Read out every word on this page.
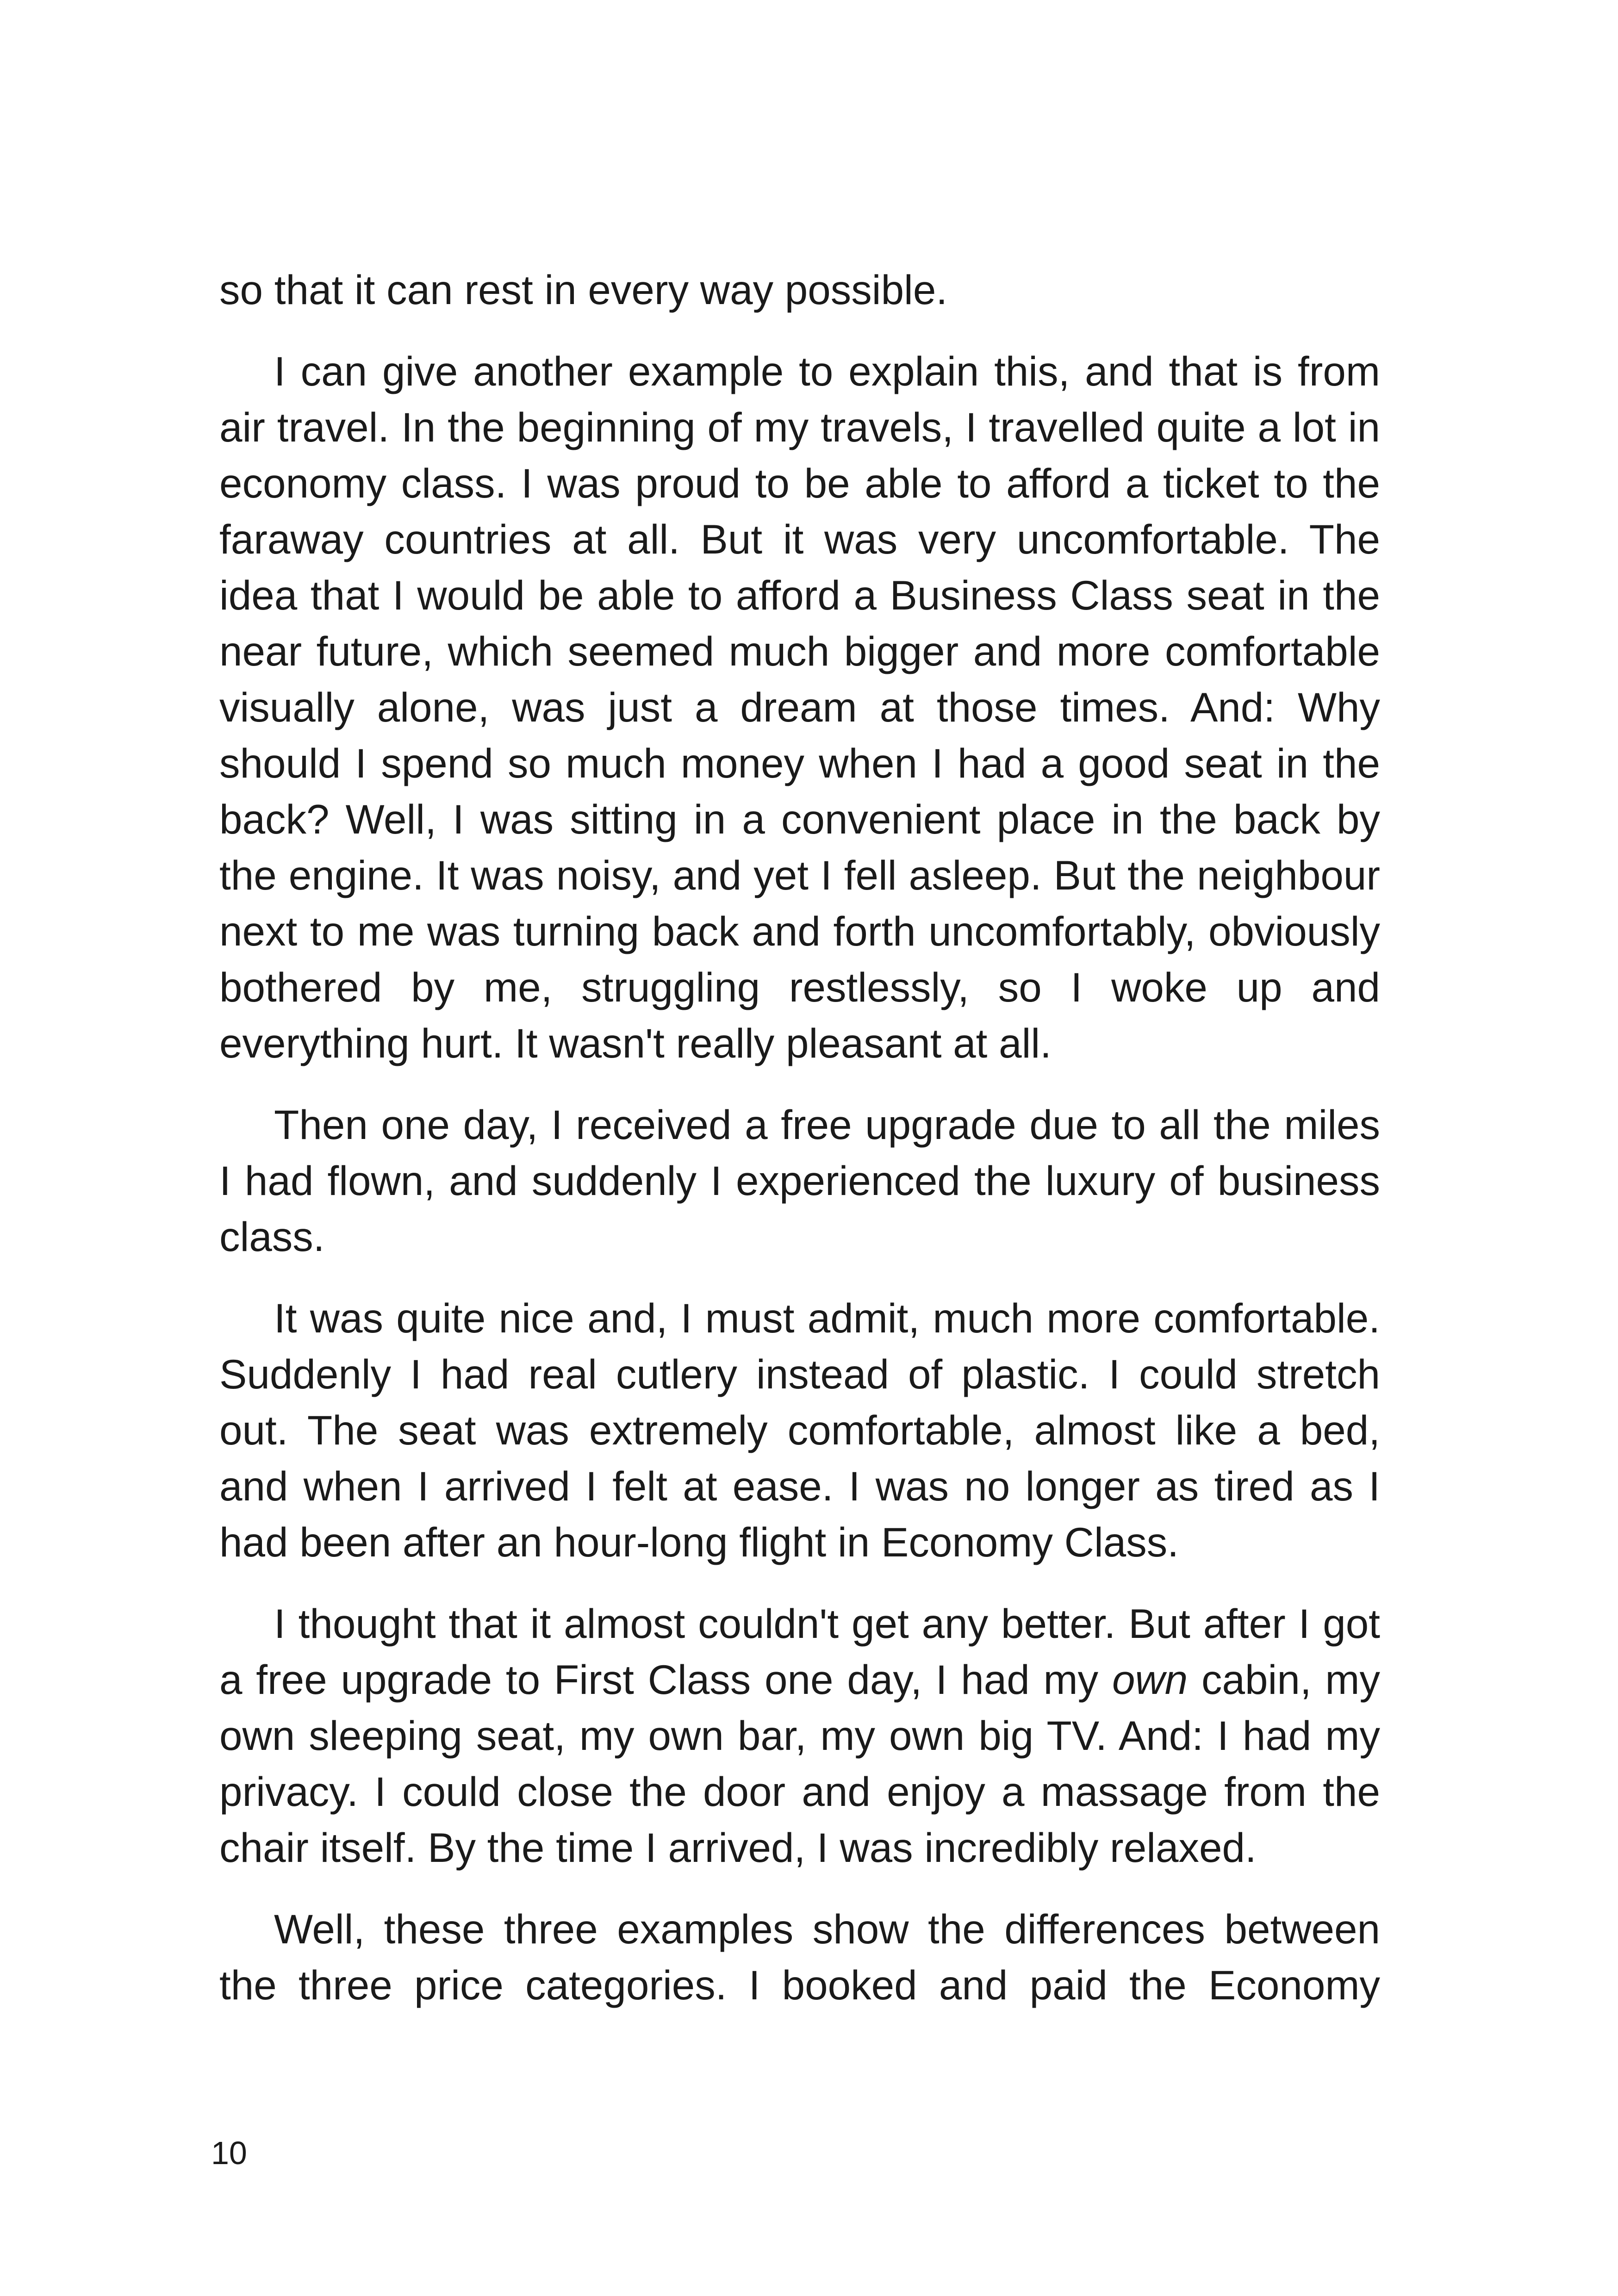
so that it can rest in every way possible.

I can give another example to explain this, and that is from air travel. In the beginning of my travels, I travelled quite a lot in economy class. I was proud to be able to afford a ticket to the faraway countries at all. But it was very uncomfortable. The idea that I would be able to afford a Business Class seat in the near future, which seemed much bigger and more comfortable visually alone, was just a dream at those times. And: Why should I spend so much money when I had a good seat in the back? Well, I was sitting in a convenient place in the back by the engine. It was noisy, and yet I fell asleep. But the neighbour next to me was turning back and forth uncomfortably, obviously bothered by me, struggling restlessly, so I woke up and everything hurt. It wasn't really pleasant at all.

Then one day, I received a free upgrade due to all the miles I had flown, and suddenly I experienced the luxury of business class.

It was quite nice and, I must admit, much more comfortable. Suddenly I had real cutlery instead of plastic. I could stretch out. The seat was extremely comfortable, almost like a bed, and when I arrived I felt at ease. I was no longer as tired as I had been after an hour-long flight in Economy Class.

I thought that it almost couldn't get any better. But after I got a free upgrade to First Class one day, I had my own cabin, my own sleeping seat, my own bar, my own big TV. And: I had my privacy. I could close the door and enjoy a massage from the chair itself. By the time I arrived, I was incredibly relaxed.

Well, these three examples show the differences between the three price categories. I booked and paid the Economy

10
